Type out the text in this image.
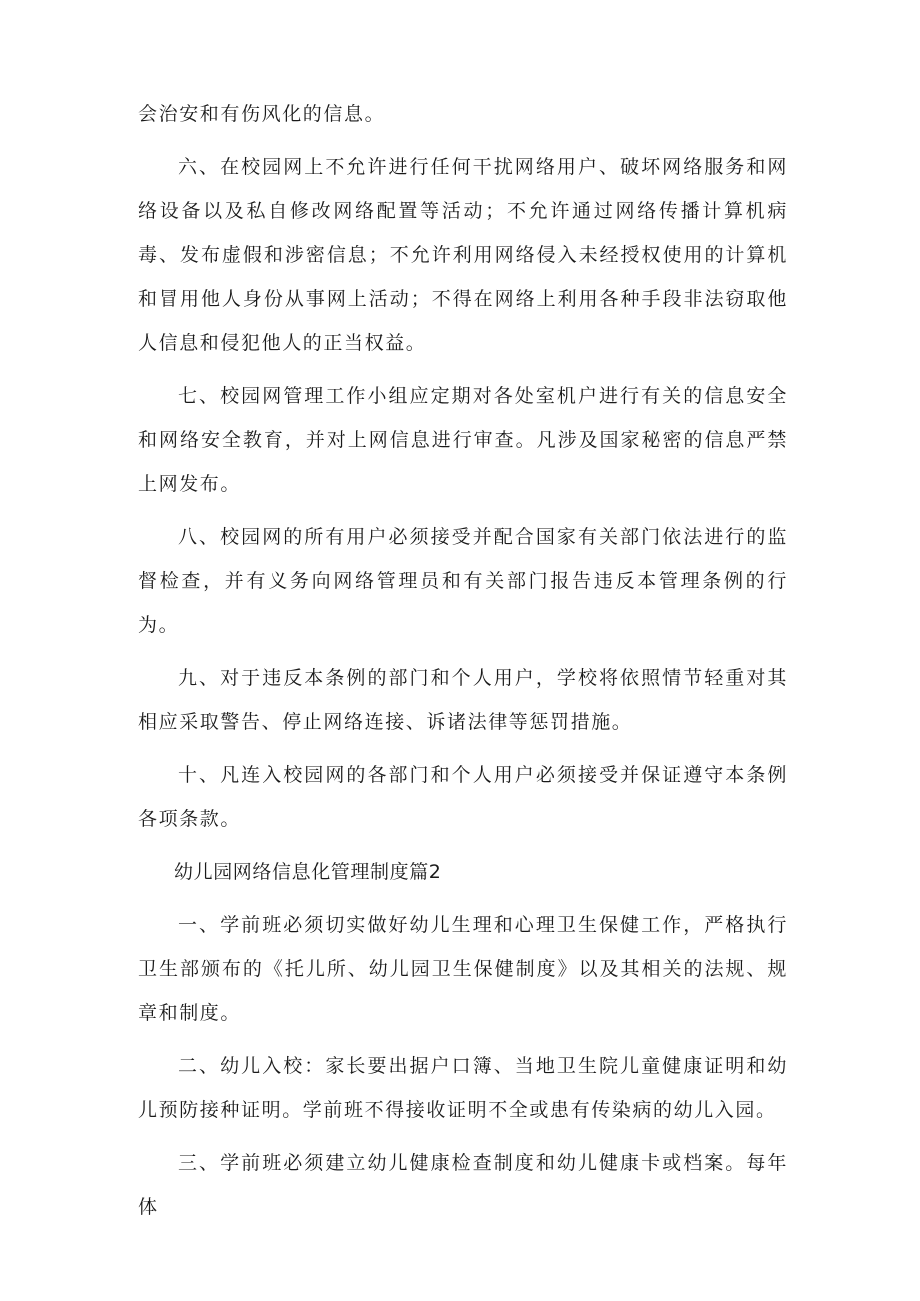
会治安和有伤风化的信息。

六、在校园网上不允许进行任何干扰网络用户、破坏网络服务和网络设备以及私自修改网络配置等活动；不允许通过网络传播计算机病毒、发布虚假和涉密信息；不允许利用网络侵入未经授权使用的计算机和冒用他人身份从事网上活动；不得在网络上利用各种手段非法窃取他人信息和侵犯他人的正当权益。

七、校园网管理工作小组应定期对各处室机户进行有关的信息安全和网络安全教育，并对上网信息进行审查。凡涉及国家秘密的信息严禁上网发布。

八、校园网的所有用户必须接受并配合国家有关部门依法进行的监督检查，并有义务向网络管理员和有关部门报告违反本管理条例的行为。

九、对于违反本条例的部门和个人用户，学校将依照情节轻重对其相应采取警告、停止网络连接、诉诸法律等惩罚措施。

十、凡连入校园网的各部门和个人用户必须接受并保证遵守本条例各项条款。

幼儿园网络信息化管理制度篇2

一、学前班必须切实做好幼儿生理和心理卫生保健工作，严格执行卫生部颁布的《托儿所、幼儿园卫生保健制度》以及其相关的法规、规章和制度。

二、幼儿入校：家长要出据户口簿、当地卫生院儿童健康证明和幼儿预防接种证明。学前班不得接收证明不全或患有传染病的幼儿入园。

三、学前班必须建立幼儿健康检查制度和幼儿健康卡或档案。每年体
